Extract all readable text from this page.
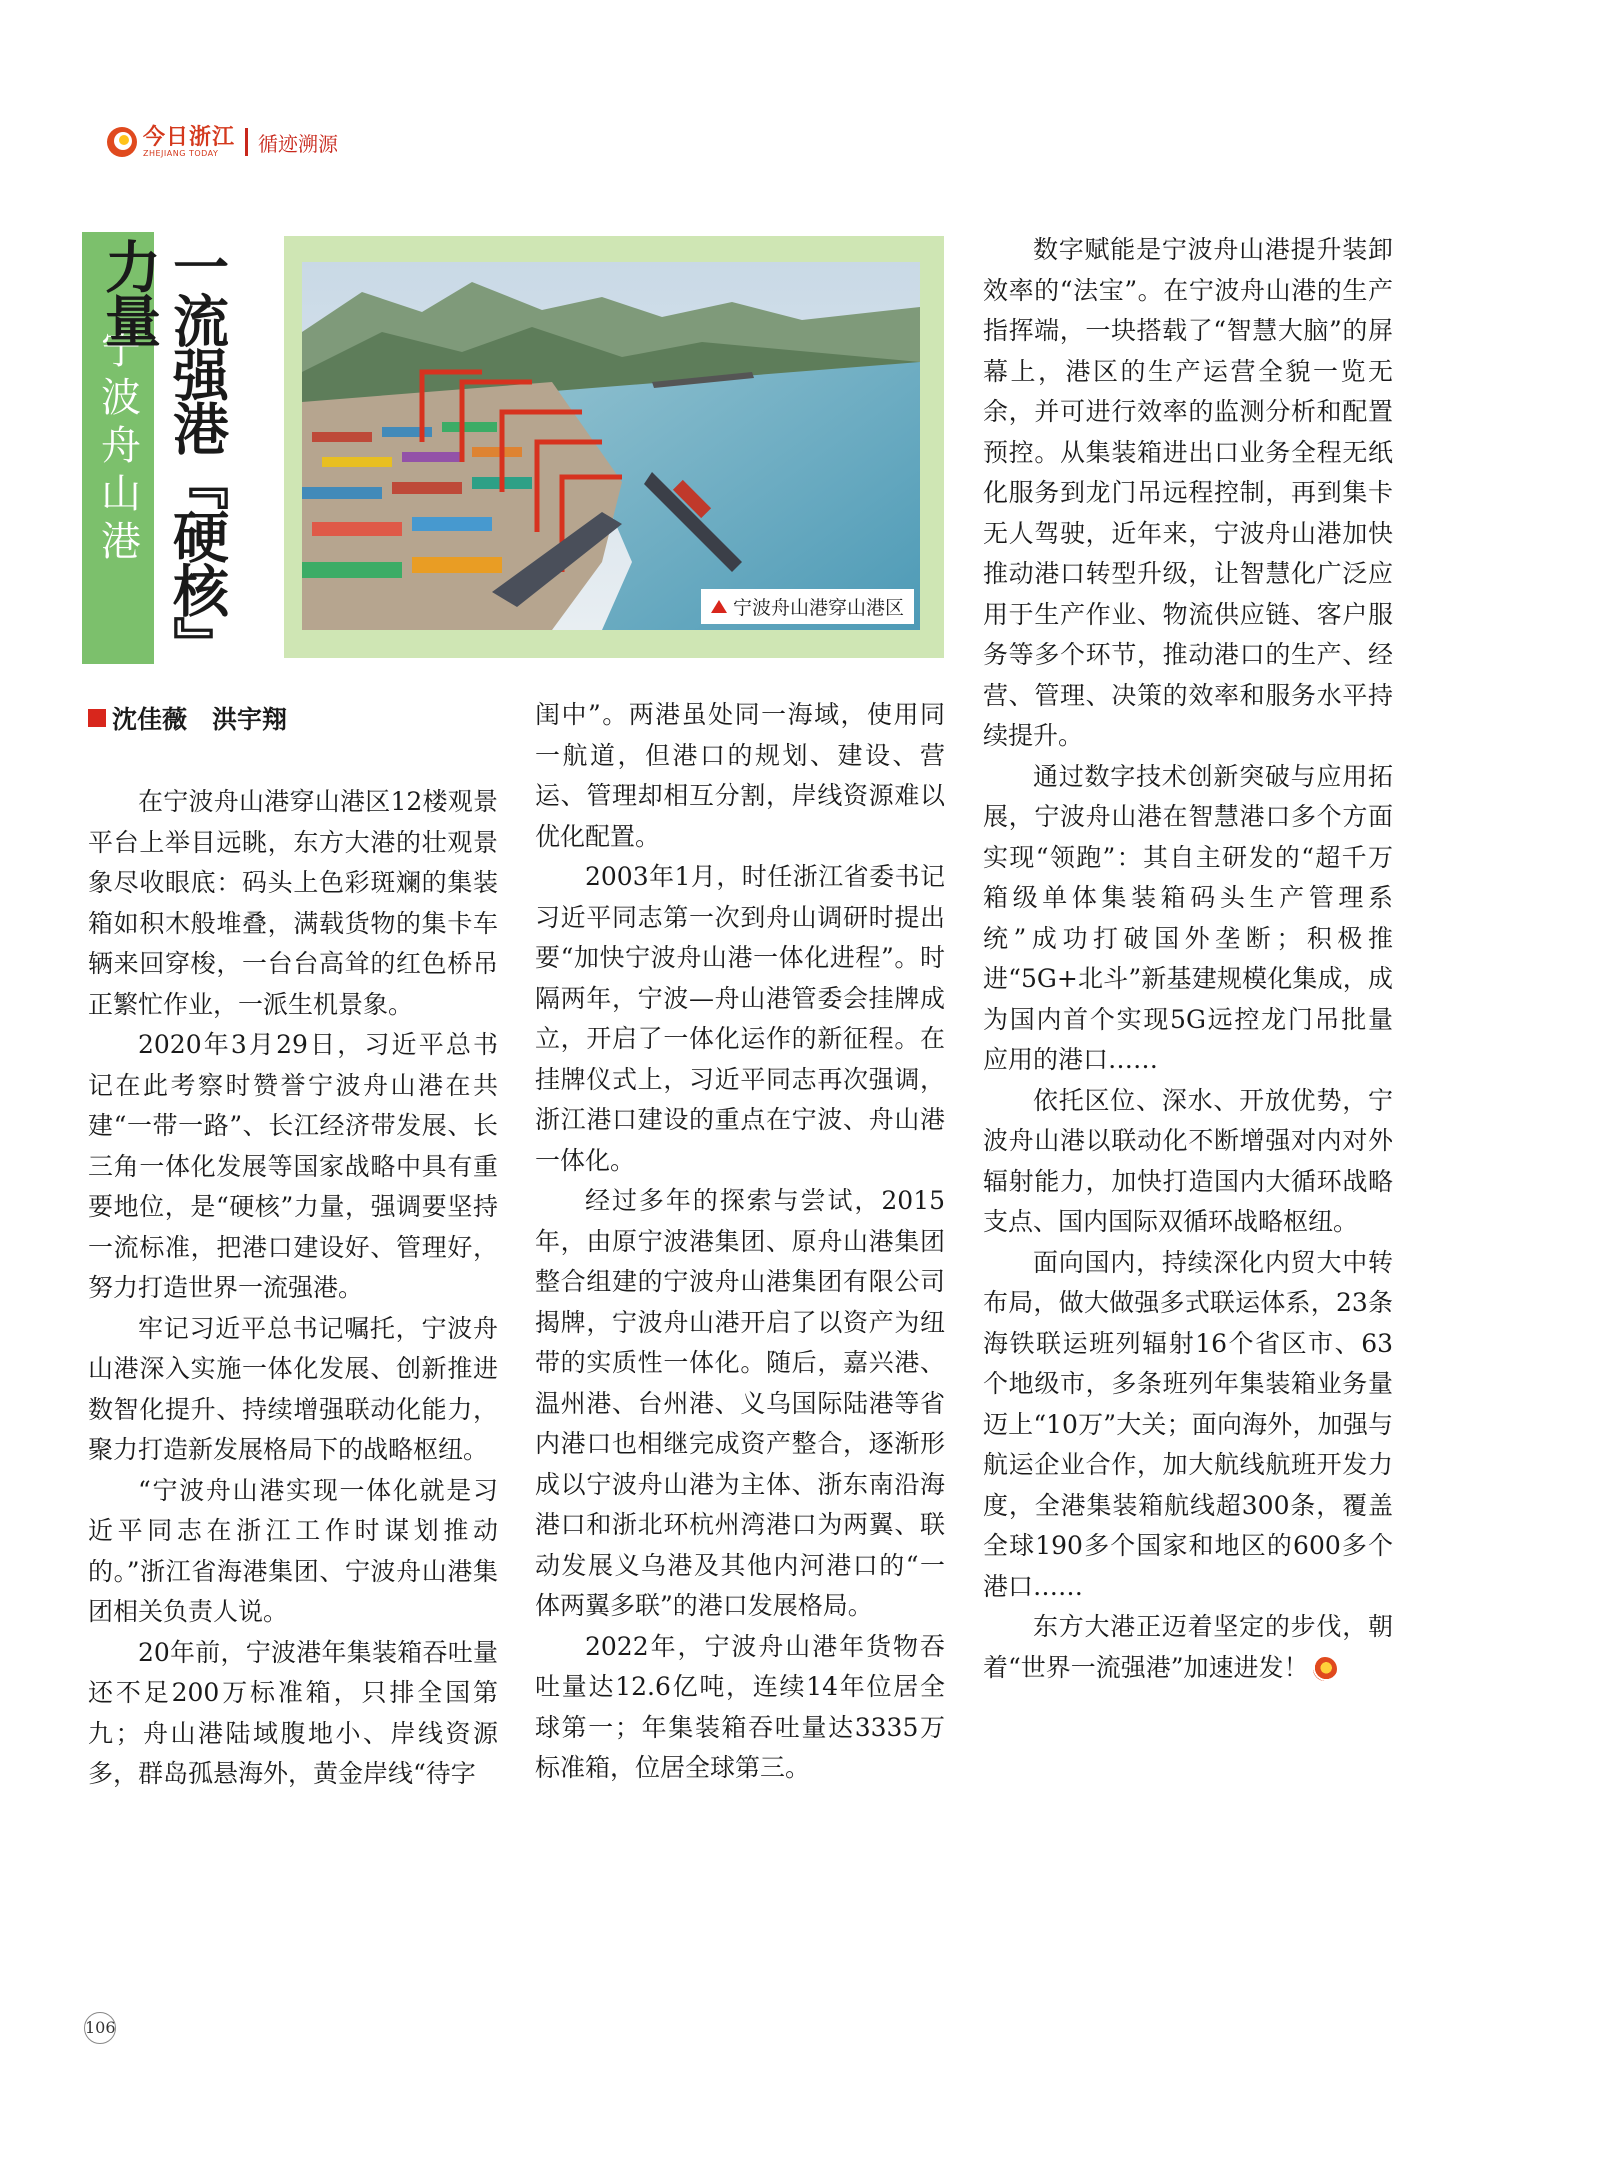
今日浙江
ZHEJIANG TODAY	循迹溯源
宁波舟山港 一流强港『硬核』力量
宁波舟山港穿山港区
沈佳薇　洪宇翔

在宁波舟山港穿山港区12楼观景平台上举目远眺，东方大港的壮观景象尽收眼底：码头上色彩斑斓的集装箱如积木般堆叠，满载货物的集卡车辆来回穿梭，一台台高耸的红色桥吊正繁忙作业，一派生机景象。

2020年3月29日，习近平总书记在此考察时赞誉宁波舟山港在共建“一带一路”、长江经济带发展、长三角一体化发展等国家战略中具有重要地位，是“硬核”力量，强调要坚持一流标准，把港口建设好、管理好，努力打造世界一流强港。

牢记习近平总书记嘱托，宁波舟山港深入实施一体化发展、创新推进数智化提升、持续增强联动化能力，聚力打造新发展格局下的战略枢纽。

“宁波舟山港实现一体化就是习近平同志在浙江工作时谋划推动的。”浙江省海港集团、宁波舟山港集团相关负责人说。

20年前，宁波港年集装箱吞吐量还不足200万标准箱，只排全国第九；舟山港陆域腹地小、岸线资源多，群岛孤悬海外，黄金岸线“待字

闺中”。两港虽处同一海域，使用同一航道，但港口的规划、建设、营运、管理却相互分割，岸线资源难以优化配置。

2003年1月，时任浙江省委书记习近平同志第一次到舟山调研时提出要“加快宁波舟山港一体化进程”。时隔两年，宁波—舟山港管委会挂牌成立，开启了一体化运作的新征程。在挂牌仪式上，习近平同志再次强调，浙江港口建设的重点在宁波、舟山港一体化。

经过多年的探索与尝试，2015年，由原宁波港集团、原舟山港集团整合组建的宁波舟山港集团有限公司揭牌，宁波舟山港开启了以资产为纽带的实质性一体化。随后，嘉兴港、温州港、台州港、义乌国际陆港等省内港口也相继完成资产整合，逐渐形成以宁波舟山港为主体、浙东南沿海港口和浙北环杭州湾港口为两翼、联动发展义乌港及其他内河港口的“一体两翼多联”的港口发展格局。

2022年，宁波舟山港年货物吞吐量达12.6亿吨，连续14年位居全球第一；年集装箱吞吐量达3335万标准箱，位居全球第三。

数字赋能是宁波舟山港提升装卸效率的“法宝”。在宁波舟山港的生产指挥端，一块搭载了“智慧大脑”的屏幕上，港区的生产运营全貌一览无余，并可进行效率的监测分析和配置预控。从集装箱进出口业务全程无纸化服务到龙门吊远程控制，再到集卡无人驾驶，近年来，宁波舟山港加快推动港口转型升级，让智慧化广泛应用于生产作业、物流供应链、客户服务等多个环节，推动港口的生产、经营、管理、决策的效率和服务水平持续提升。

通过数字技术创新突破与应用拓展，宁波舟山港在智慧港口多个方面实现“领跑”：其自主研发的“超千万箱级单体集装箱码头生产管理系统”成功打破国外垄断；积极推进“5G+北斗”新基建规模化集成，成为国内首个实现5G远控龙门吊批量应用的港口……

依托区位、深水、开放优势，宁波舟山港以联动化不断增强对内对外辐射能力，加快打造国内大循环战略支点、国内国际双循环战略枢纽。

面向国内，持续深化内贸大中转布局，做大做强多式联运体系，23条海铁联运班列辐射16个省区市、63个地级市，多条班列年集装箱业务量迈上“10万”大关；面向海外，加强与航运企业合作，加大航线航班开发力度，全港集装箱航线超300条，覆盖全球190多个国家和地区的600多个港口……

东方大港正迈着坚定的步伐，朝着“世界一流强港”加速进发！

106
